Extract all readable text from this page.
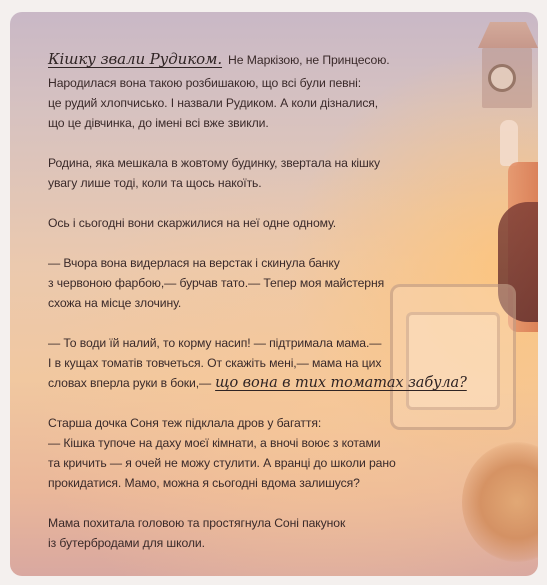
Кішку звали Рудиком. Не Маркізою, не Принцесою.
Народилася вона такою розбишакою, що всі були певні:
це рудий хлопчисько. І назвали Рудиком. А коли дізналися,
що це дівчинка, до імені всі вже звикли.
Родина, яка мешкала в жовтому будинку, звертала на кішку
увагу лише тоді, коли та щось накоїть.
Ось і сьогодні вони скаржилися на неї одне одному.
— Вчора вона видерлася на верстак і скинула банку
з червоною фарбою,— бурчав тато.— Тепер моя майстерня
схожа на місце злочину.
— То води їй налий, то корму насип! — підтримала мама.—
І в кущах томатів товчеться. От скажіть мені,— мама на цих
словах вперла руки в боки,— що вона в тих томатах забула?
Старша дочка Соня теж підклала дров у багаття:
— Кішка тупоче на даху моєї кімнати, а вночі воює з котами
та кричить — я очей не можу стулити. А вранці до школи рано
прокидатися. Мамо, можна я сьогодні вдома залишуся?
Мама похитала головою та простягнула Соні пакунок
із бутербродами для школи.
